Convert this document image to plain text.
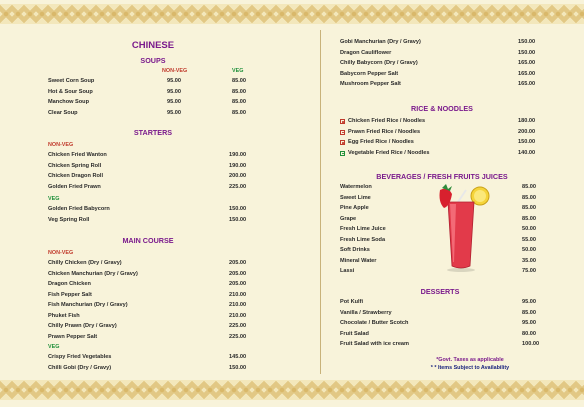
CHINESE
SOUPS
NON-VEG	VEG
Sweet Corn Soup	95.00	85.00
Hot & Sour Soup	95.00	85.00
Manchow Soup	95.00	85.00
Clear Soup	95.00	85.00
STARTERS
NON-VEG
Chicken Fried Wanton	190.00
Chicken Spring Roll	190.00
Chicken Dragon Roll	200.00
Golden Fried Prawn	225.00
VEG
Golden Fried Babycorn	150.00
Veg Spring Roll	150.00
MAIN COURSE
NON-VEG
Chilly Chicken (Dry / Gravy)	205.00
Chicken Manchurian (Dry / Gravy)	205.00
Dragon Chicken	205.00
Fish Pepper Salt	210.00
Fish Manchurian (Dry / Gravy)	210.00
Phuket Fish	210.00
Chilly Prawn (Dry / Gravy)	225.00
Prawn Pepper Salt	225.00
VEG
Crispy Fried Vegetables	145.00
Chilli Gobi (Dry / Gravy)	150.00
Gobi Manchurian (Dry / Gravy)	150.00
Dragon Cauliflower	150.00
Chilly Babycorn (Dry / Gravy)	165.00
Babycorn Pepper Salt	165.00
Mushroom Pepper Salt	165.00
RICE & NOODLES
Chicken Fried Rice / Noodles	180.00
Prawn Fried Rice / Noodles	200.00
Egg Fried Rice / Noodles	150.00
Vegetable Fried Rice / Noodles	140.00
BEVERAGES / FRESH FRUITS JUICES
Watermelon	85.00
Sweet Lime	85.00
Pine Apple	85.00
Grape	85.00
Fresh Lime Juice	50.00
Fresh Lime Soda	55.00
Soft Drinks	50.00
Mineral Water	35.00
Lassi	75.00
DESSERTS
Pot Kulfi	95.00
Vanilla / Strawberry	85.00
Chocolate / Butter Scotch	95.00
Fruit Salad	80.00
Fruit Salad with ice cream	100.00
*Govt. Taxes as applicable
* * Items Subject to Availability
